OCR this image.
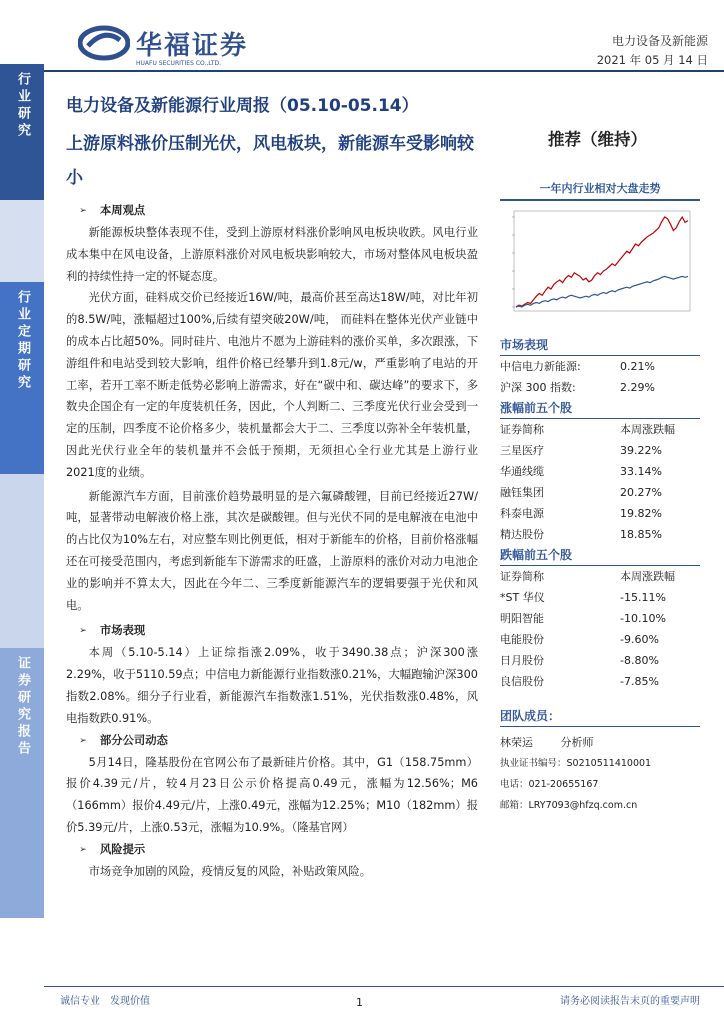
行业研究
行业定期研究
证券研究报告
华福证券
HUAFU SECURITIES CO.,LTD.
电力设备及新能源
2021 年 05 月 14 日
电力设备及新能源行业周报（05.10-05.14）
上游原料涨价压制光伏，风电板块，新能源车受影响较小
推荐（维持）
➢	本周观点

新能源板块整体表现不佳，受到上游原材料涨价影响风电板块收跌。风电行业成本集中在风电设备，上游原料涨价对风电板块影响较大，市场对整体风电板块盈利的持续性持一定的怀疑态度。

光伏方面，硅料成交价已经接近16W/吨，最高价甚至高达18W/吨，对比年初的8.5W/吨，涨幅超过100%,后续有望突破20W/吨， 而硅料在整体光伏产业链中的成本占比超50%。同时硅片、电池片不愿为上游硅料的涨价买单，多次跟涨，下游组件和电站受到较大影响，组件价格已经攀升到1.8元/w，严重影响了电站的开工率，若开工率不断走低势必影响上游需求，好在“碳中和、碳达峰”的要求下，多数央企国企有一定的年度装机任务，因此，个人判断二、三季度光伏行业会受到一定的压制，四季度不论价格多少，装机量都会大于二、三季度以弥补全年装机量，因此光伏行业全年的装机量并不会低于预期，无须担心全行业尤其是上游行业2021度的业绩。

新能源汽车方面，目前涨价趋势最明显的是六氟磷酸锂，目前已经接近27W/吨，显著带动电解液价格上涨，其次是碳酸锂。但与光伏不同的是电解液在电池中的占比仅为10%左右，对应整车则比例更低，相对于新能车的价格，目前价格涨幅还在可接受范围内，考虑到新能车下游需求的旺盛，上游原料的涨价对动力电池企业的影响并不算太大，因此在今年二、三季度新能源汽车的逻辑要强于光伏和风电。

➢	市场表现

本周（5.10-5.14）上证综指涨2.09%，收于3490.38点；沪深300涨2.29%，收于5110.59点；中信电力新能源行业指数涨0.21%，大幅跑输沪深300指数2.08%。细分子行业看，新能源汽车指数涨1.51%，光伏指数涨0.48%，风电指数跌0.91%。

➢	部分公司动态

5月14日，隆基股份在官网公布了最新硅片价格。其中，G1（158.75mm）报价4.39元/片，较4月23日公示价格提高0.49元，涨幅为12.56%；M6（166mm）报价4.49元/片，上涨0.49元，涨幅为12.25%；M10（182mm）报价5.39元/片，上涨0.53元，涨幅为10.9%。（隆基官网）

➢	风险提示

市场竞争加剧的风险，疫情反复的风险，补贴政策风险。

一年内行业相对大盘走势
市场表现
中信电力新能源:	0.21%
沪深 300 指数:	2.29%
涨幅前五个股
证券简称	本周涨跌幅
三星医疗	39.22%
华通线缆	33.14%
融钰集团	20.27%
科泰电源	19.82%
精达股份	18.85%
跌幅前五个股
证券简称	本周涨跌幅
*ST 华仪	-15.11%
明阳智能	-10.10%
电能股份	-9.60%
日月股份	-8.80%
良信股份	-7.85%
团队成员：
林荣运	分析师
执业证书编号：S0210511410001
电话：021-20655167
邮箱：LRY7093@hfzq.com.cn
诚信专业　发现价值	1	请务必阅读报告末页的重要声明
